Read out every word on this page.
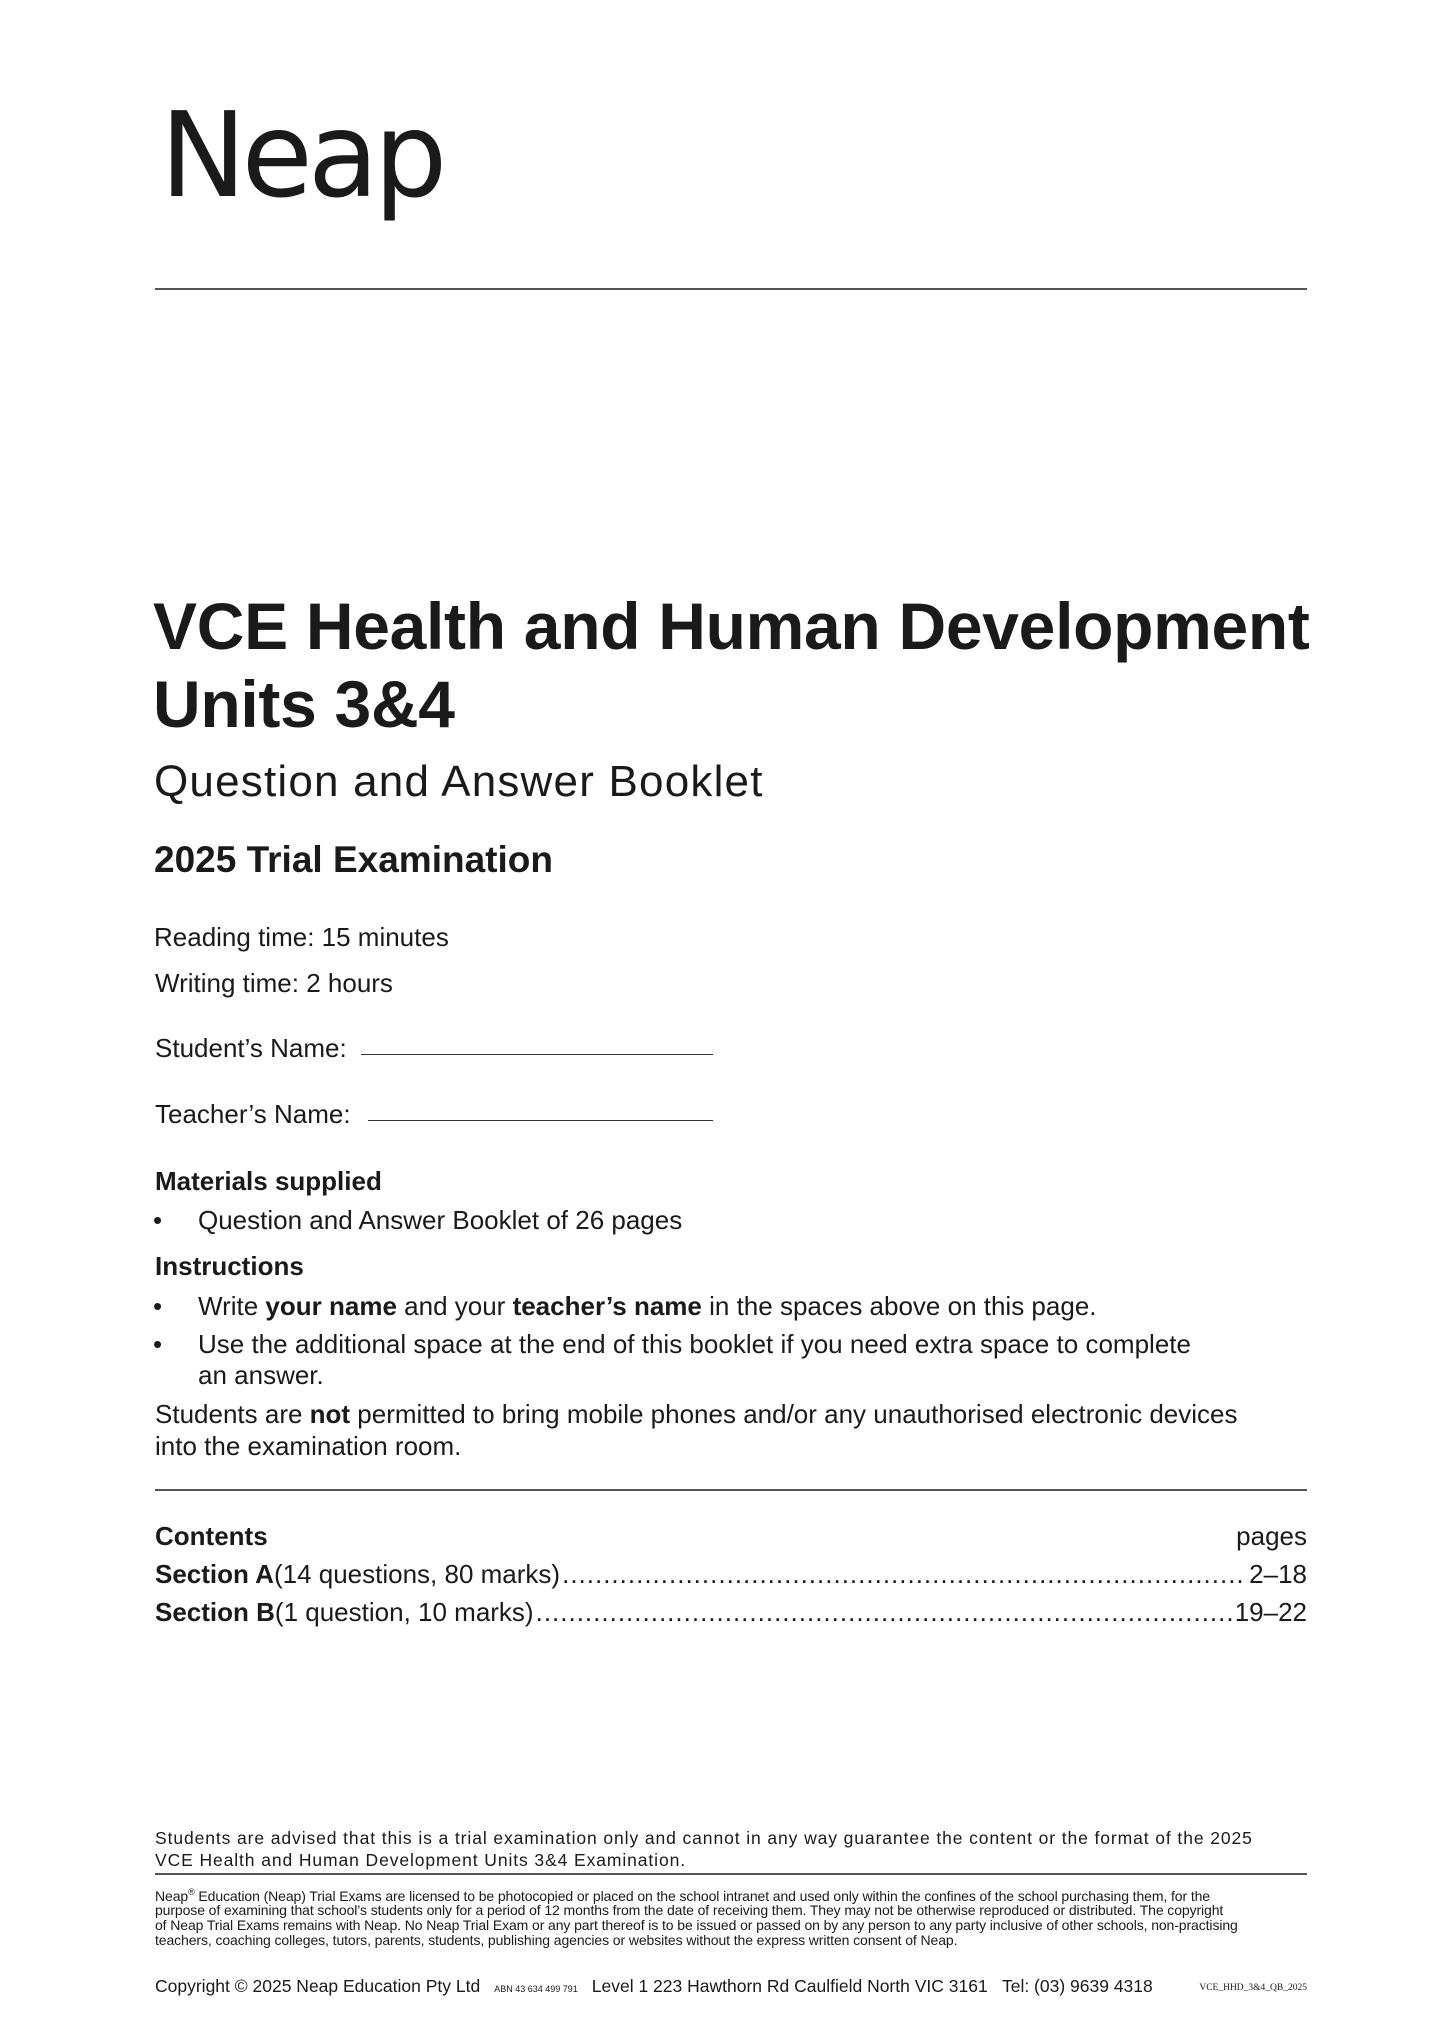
Neap
VCE Health and Human Development
Units 3&4
Question and Answer Booklet
2025 Trial Examination
Reading time: 15 minutes
Writing time: 2 hours
Student’s Name:
Teacher’s Name:
Materials supplied
• Question and Answer Booklet of 26 pages
Instructions
• Write your name and your teacher’s name in the spaces above on this page.
• Use the additional space at the end of this booklet if you need extra space to complete
an answer.
Students are not permitted to bring mobile phones and/or any unauthorised electronic devices
into the examination room.
Contents	pages
Section A (14 questions, 80 marks) .....	2–18
Section B (1 question, 10 marks) .....	19–22
Students are advised that this is a trial examination only and cannot in any way guarantee the content or the format of the 2025
VCE Health and Human Development Units 3&4 Examination.
Neap® Education (Neap) Trial Exams are licensed to be photocopied or placed on the school intranet and used only within the confines of the school purchasing them, for the
purpose of examining that school’s students only for a period of 12 months from the date of receiving them. They may not be otherwise reproduced or distributed. The copyright
of Neap Trial Exams remains with Neap. No Neap Trial Exam or any part thereof is to be issued or passed on by any person to any party inclusive of other schools, non-practising
teachers, coaching colleges, tutors, parents, students, publishing agencies or websites without the express written consent of Neap.
Copyright © 2025 Neap Education Pty Ltd ABN 43 634 499 791 Level 1 223 Hawthorn Rd Caulfield North VIC 3161   Tel: (03) 9639 4318	VCE_HHD_3&4_QB_2025
